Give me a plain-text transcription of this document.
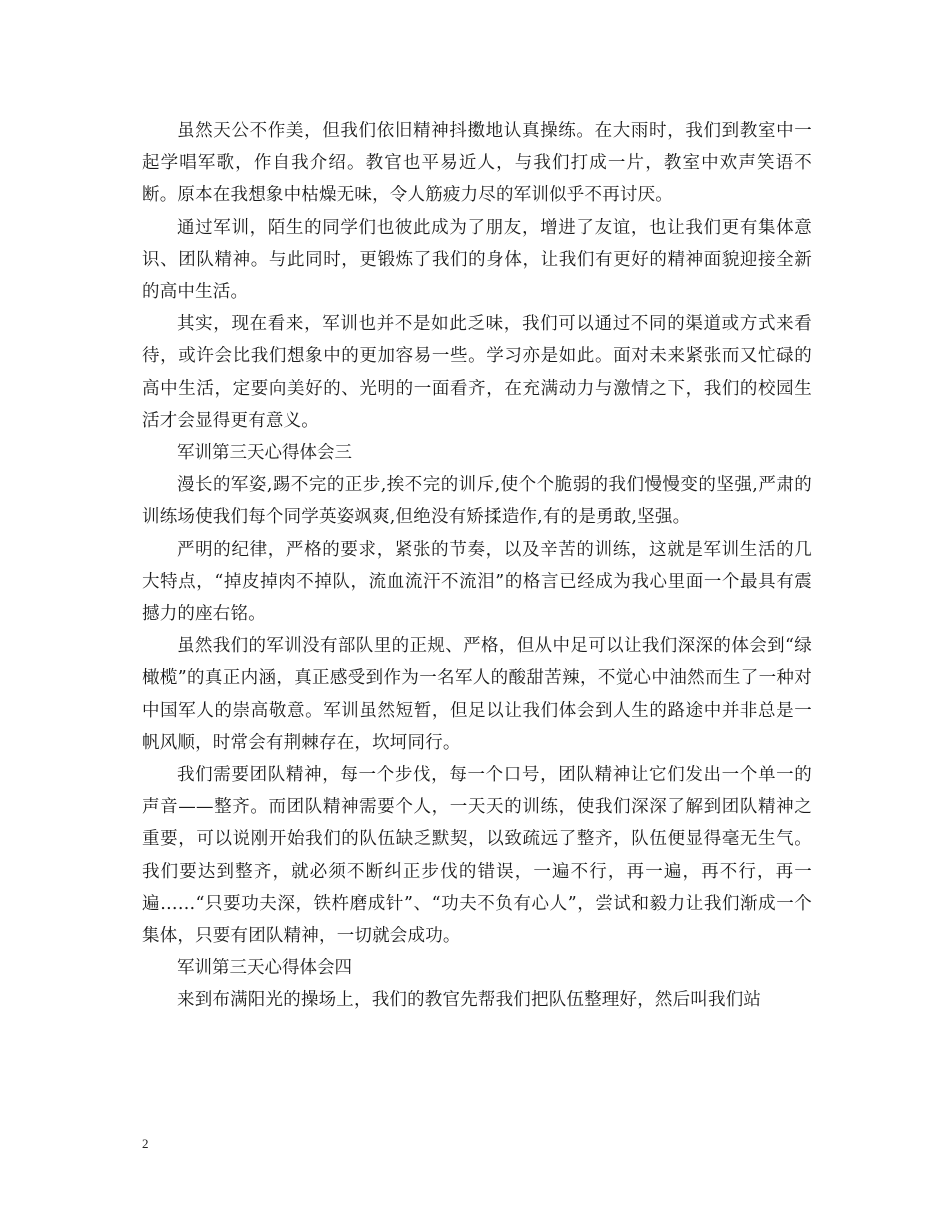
虽然天公不作美，但我们依旧精神抖擞地认真操练。在大雨时，我们到教室中一起学唱军歌，作自我介绍。教官也平易近人，与我们打成一片，教室中欢声笑语不断。原本在我想象中枯燥无味，令人筋疲力尽的军训似乎不再讨厌。

通过军训，陌生的同学们也彼此成为了朋友，增进了友谊，也让我们更有集体意识、团队精神。与此同时，更锻炼了我们的身体，让我们有更好的精神面貌迎接全新的高中生活。

其实，现在看来，军训也并不是如此乏味，我们可以通过不同的渠道或方式来看待，或许会比我们想象中的更加容易一些。学习亦是如此。面对未来紧张而又忙碌的高中生活，定要向美好的、光明的一面看齐，在充满动力与激情之下，我们的校园生活才会显得更有意义。

军训第三天心得体会三

漫长的军姿,踢不完的正步,挨不完的训斥,使个个脆弱的我们慢慢变的坚强,严肃的训练场使我们每个同学英姿飒爽,但绝没有矫揉造作,有的是勇敢,坚强。

严明的纪律，严格的要求，紧张的节奏，以及辛苦的训练，这就是军训生活的几大特点，“掉皮掉肉不掉队，流血流汗不流泪”的格言已经成为我心里面一个最具有震撼力的座右铭。

虽然我们的军训没有部队里的正规、严格，但从中足可以让我们深深的体会到“绿橄榄”的真正内涵，真正感受到作为一名军人的酸甜苦辣，不觉心中油然而生了一种对中国军人的崇高敬意。军训虽然短暂，但足以让我们体会到人生的路途中并非总是一帆风顺，时常会有荆棘存在，坎坷同行。

我们需要团队精神，每一个步伐，每一个口号，团队精神让它们发出一个单一的声音——整齐。而团队精神需要个人，一天天的训练，使我们深深了解到团队精神之重要，可以说刚开始我们的队伍缺乏默契，以致疏远了整齐，队伍便显得毫无生气。我们要达到整齐，就必须不断纠正步伐的错误，一遍不行，再一遍，再不行，再一遍……“只要功夫深，铁杵磨成针”、“功夫不负有心人”，尝试和毅力让我们渐成一个集体，只要有团队精神，一切就会成功。

军训第三天心得体会四

来到布满阳光的操场上，我们的教官先帮我们把队伍整理好，然后叫我们站

2
